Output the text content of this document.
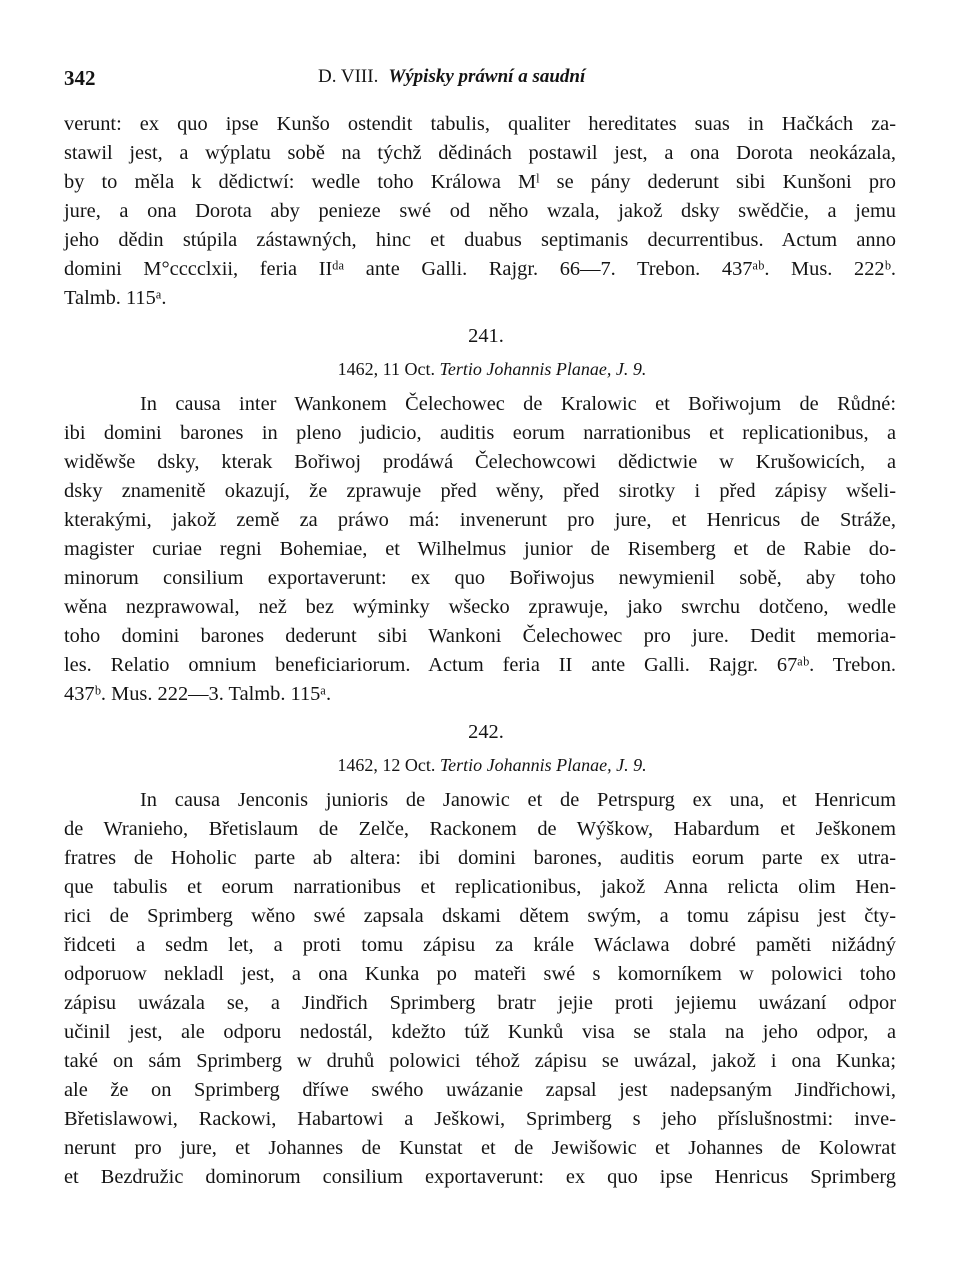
342	D. VIII. Wýpisky práwní a saudní
verunt: ex quo ipse Kunšo ostendit tabulis, qualiter hereditates suas in Hačkách za-
stawil jest, a wýplatu sobě na týchž dědinách postawil jest, a ona Dorota neokázala,
by to měla k dědictwí: wedle toho Králowa Mˡ se pány dederunt sibi Kunšoni pro
jure, a ona Dorota aby penieze swé od něho wzala, jakož dsky swědčie, a jemu
jeho dědin stúpila zástawných, hinc et duabus septimanis decurrentibus. Actum anno
domini M°cccclxii, feria IIᵈᵃ ante Galli. Rajgr. 66—7. Trebon. 437ᵃᵇ. Mus. 222ᵇ.
Talmb. 115ᵃ.
241.
1462, 11 Oct. Tertio Johannis Planae, J. 9.
In causa inter Wankonem Čelechowec de Kralowic et Bořiwojum de Růdné:
ibi domini barones in pleno judicio, auditis eorum narrationibus et replicationibus, a
widěwše dsky, kterak Bořiwoj prodáwá Čelechowcowi dědictwie w Krušowicích, a
dsky znamenitě okazují, že zprawuje před wěny, před sirotky i před zápisy wšeli-
kterakými, jakož země za práwo má: invenerunt pro jure, et Henricus de Stráže,
magister curiae regni Bohemiae, et Wilhelmus junior de Risemberg et de Rabie do-
minorum consilium exportaverunt: ex quo Bořiwojus newymienil sobě, aby toho
wěna nezprawowal, než bez wýminky wšecko zprawuje, jako swrchu dotčeno, wedle
toho domini barones dederunt sibi Wankoni Čelechowec pro jure. Dedit memoria-
les. Relatio omnium beneficiariorum. Actum feria II ante Galli. Rajgr. 67ᵃᵇ. Trebon.
437ᵇ. Mus. 222—3. Talmb. 115ᵃ.
242.
1462, 12 Oct. Tertio Johannis Planae, J. 9.
In causa Jenconis junioris de Janowic et de Petrspurg ex una, et Henricum
de Wranieho, Břetislaum de Zelče, Rackonem de Wýškow, Habardum et Ješkonem
fratres de Hoholic parte ab altera: ibi domini barones, auditis eorum parte ex utra-
que tabulis et eorum narrationibus et replicationibus, jakož Anna relicta olim Hen-
rici de Sprimberg wěno swé zapsala dskami dětem swým, a tomu zápisu jest čty-
řidceti a sedm let, a proti tomu zápisu za krále Wáclawa dobré paměti nižádný
odporuow nekladl jest, a ona Kunka po mateři swé s komorníkem w polowici toho
zápisu uwázala se, a Jindřich Sprimberg bratr jejie proti jejiemu uwázaní odpor
učinil jest, ale odporu nedostál, kdežto túž Kunků visa se stala na jeho odpor, a
také on sám Sprimberg w druhů polowici téhož zápisu se uwázal, jakož i ona Kunka;
ale že on Sprimberg dříwe swého uwázanie zapsal jest nadepsaným Jindřichowi,
Břetislawowi, Rackowi, Habartowi a Ješkowi, Sprimberg s jeho příslušnostmi: inve-
nerunt pro jure, et Johannes de Kunstat et de Jewišowic et Johannes de Kolowrat
et Bezdružic dominorum consilium exportaverunt: ex quo ipse Henricus Sprimberg
